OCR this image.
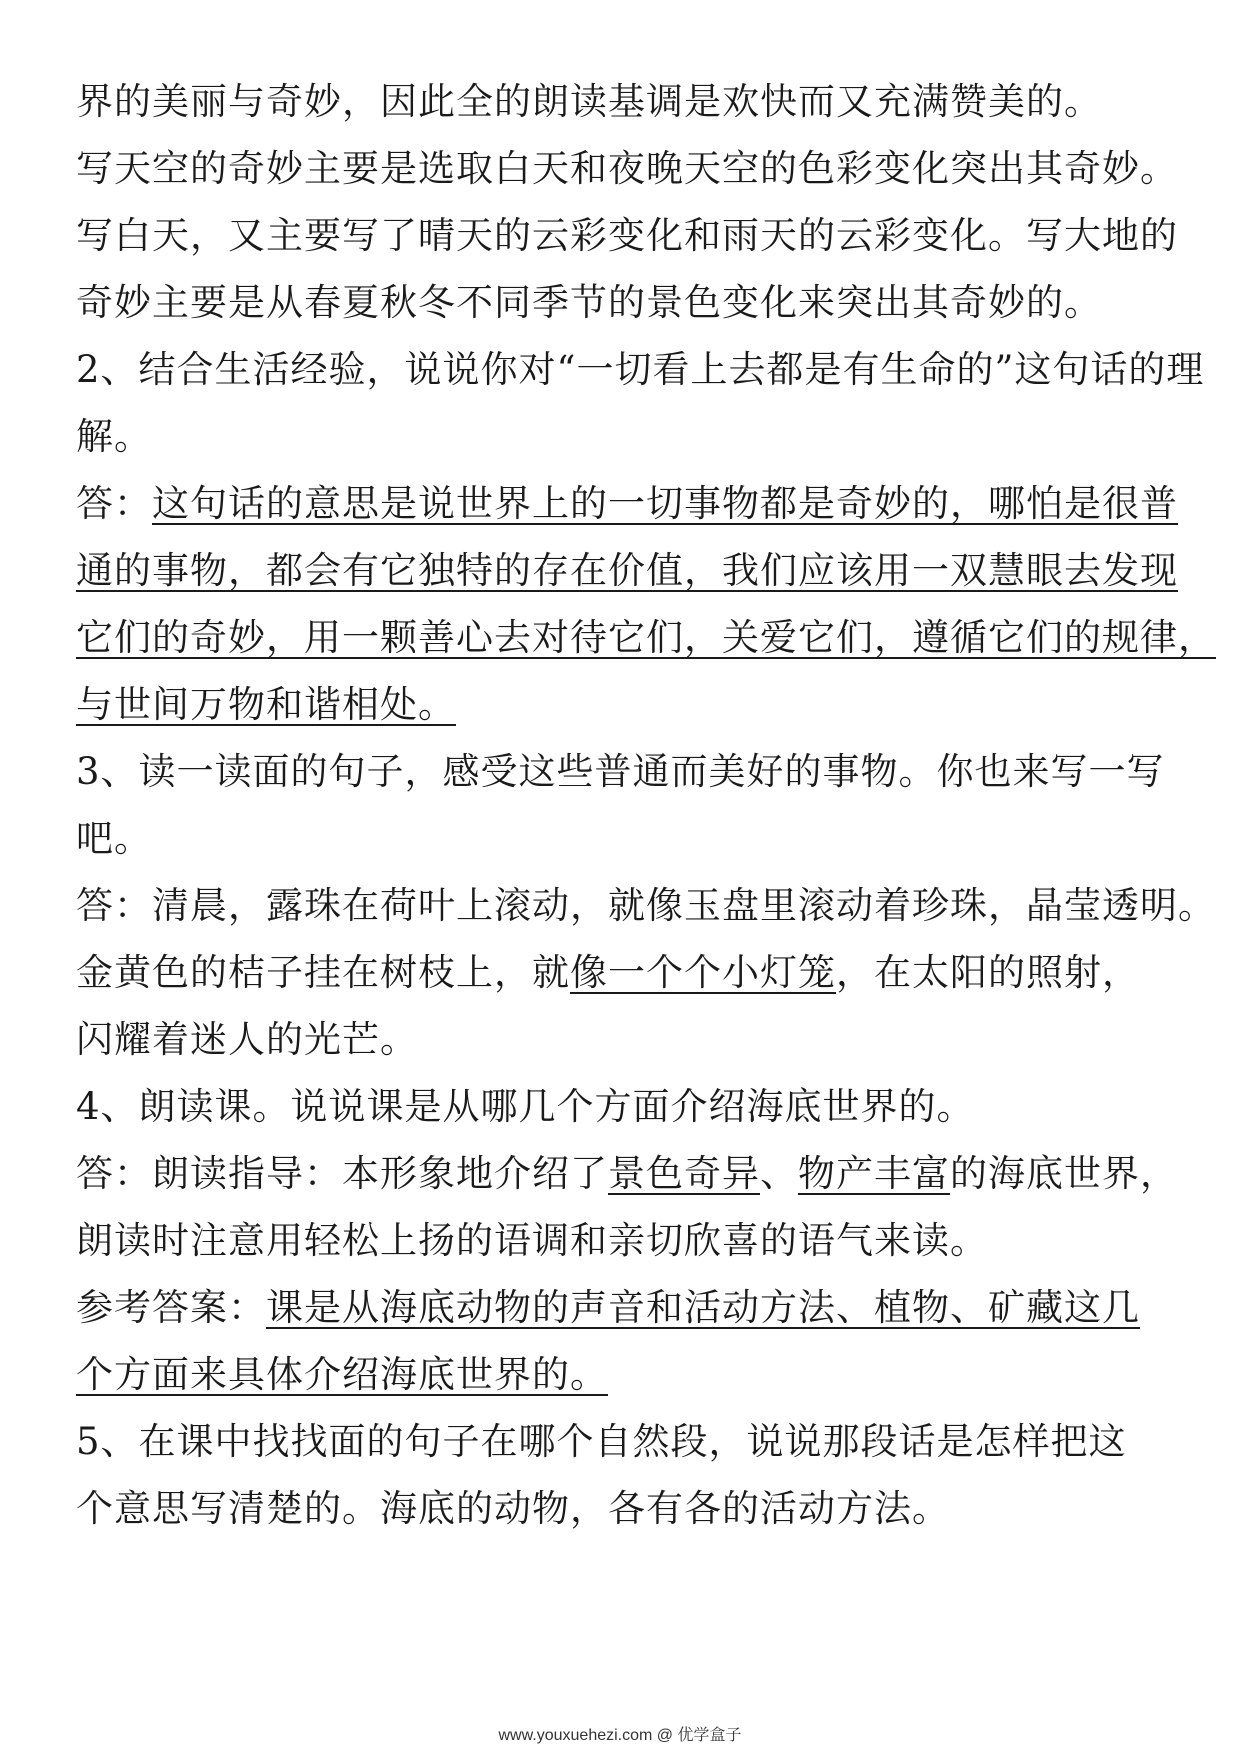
界的美丽与奇妙，因此全的朗读基调是欢快而又充满赞美的。
写天空的奇妙主要是选取白天和夜晚天空的色彩变化突出其奇妙。
写白天，又主要写了晴天的云彩变化和雨天的云彩变化。写大地的
奇妙主要是从春夏秋冬不同季节的景色变化来突出其奇妙的。
2、结合生活经验，说说你对“一切看上去都是有生命的”这句话的理
解。
答：这句话的意思是说世界上的一切事物都是奇妙的，哪怕是很普
通的事物，都会有它独特的存在价值，我们应该用一双慧眼去发现
它们的奇妙，用一颗善心去对待它们，关爱它们，遵循它们的规律，
与世间万物和谐相处。
3、读一读面的句子，感受这些普通而美好的事物。你也来写一写
吧。
答：清晨，露珠在荷叶上滚动，就像玉盘里滚动着珍珠，晶莹透明。
金黄色的桔子挂在树枝上，就像一个个小灯笼，在太阳的照射，
闪耀着迷人的光芒。
4、朗读课。说说课是从哪几个方面介绍海底世界的。
答：朗读指导：本形象地介绍了景色奇异、物产丰富的海底世界，
朗读时注意用轻松上扬的语调和亲切欣喜的语气来读。
参考答案：课是从海底动物的声音和活动方法、植物、矿藏这几
个方面来具体介绍海底世界的。
5、在课中找找面的句子在哪个自然段，说说那段话是怎样把这
个意思写清楚的。海底的动物，各有各的活动方法。
www.youxuehezi.com @ 优学盒子
